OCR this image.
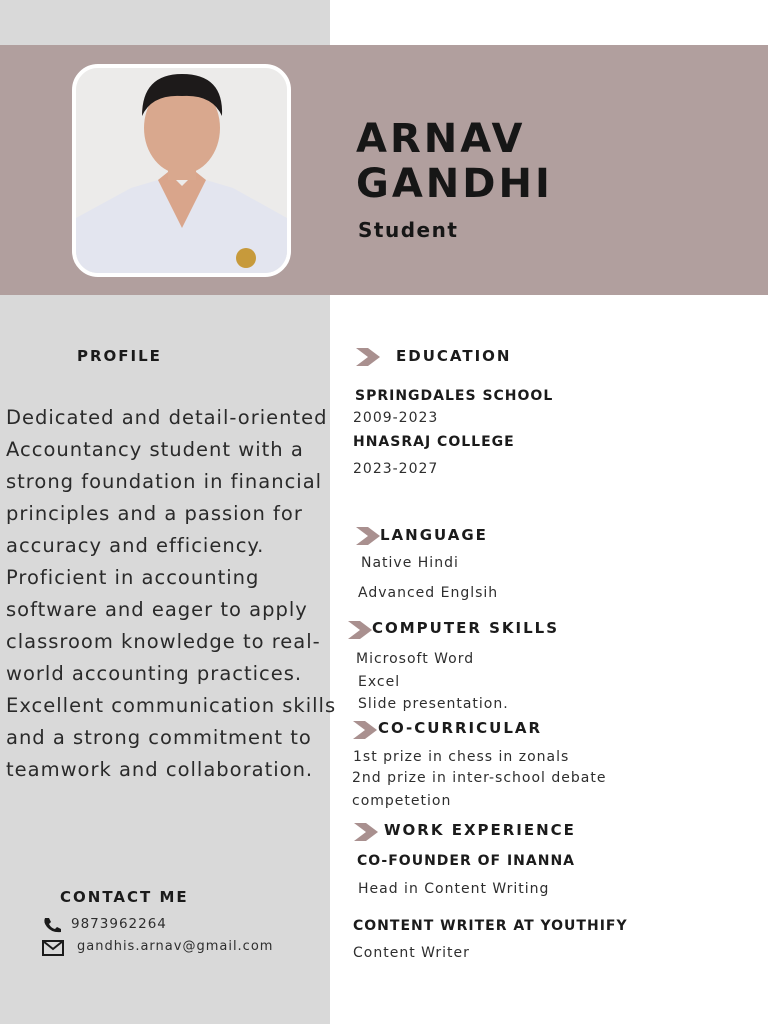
ARNAV
GANDHI
Student
PROFILE

Dedicated and detail-oriented Accountancy student with a strong foundation in financial principles and a passion for accuracy and efficiency. Proficient in accounting software and eager to apply classroom knowledge to real-world accounting practices. Excellent communication skills and a strong commitment to teamwork and collaboration.

CONTACT ME
9873962264
gandhis.arnav@gmail.com
EDUCATION
SPRINGDALES SCHOOL
2009-2023
HNASRAJ COLLEGE
2023-2027
LANGUAGE
Native Hindi
Advanced Englsih
COMPUTER SKILLS
Microsoft Word
Excel
Slide presentation.
CO-CURRICULAR
1st prize in chess in zonals
2nd prize in inter-school debate
competetion
WORK EXPERIENCE
CO-FOUNDER OF INANNA
Head in Content Writing
CONTENT WRITER AT YOUTHIFY
Content Writer
